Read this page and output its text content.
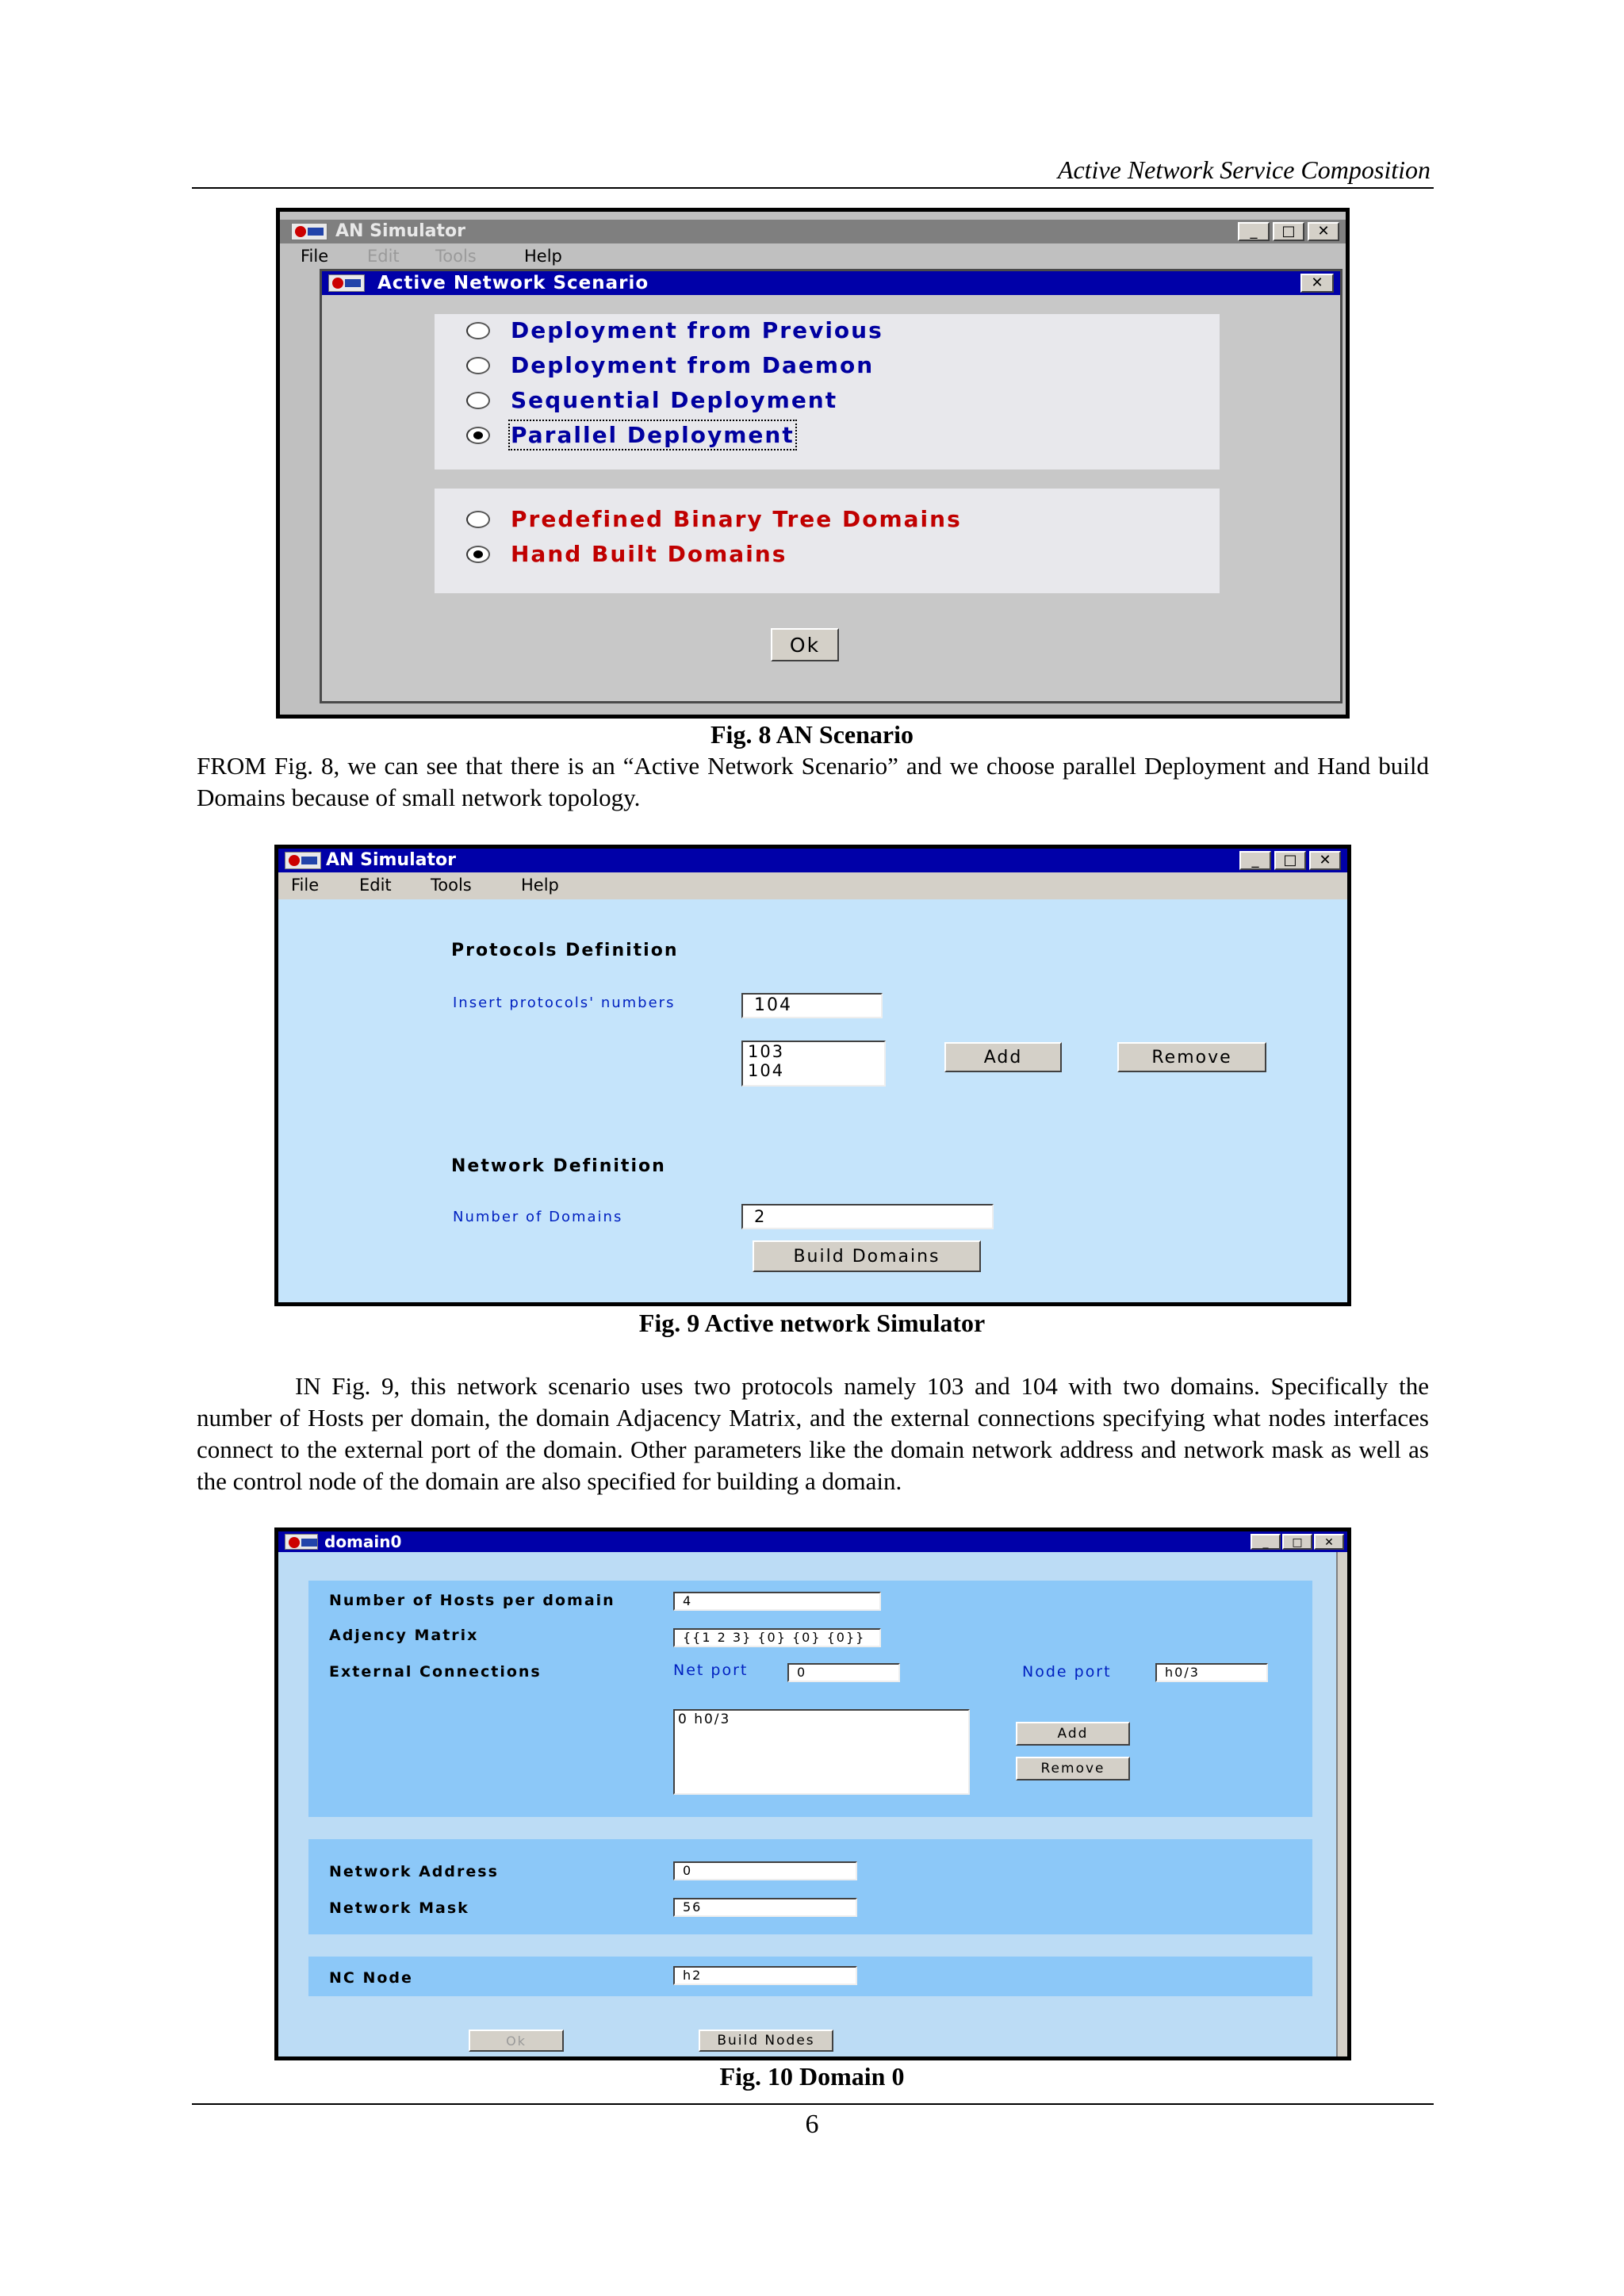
Active Network Service Composition
AN Simulator	_	□	✕
File Edit Tools	Help
Active Network Scenario	✕
Deployment from Previous
Deployment from Daemon
Sequential Deployment
Parallel Deployment
Predefined Binary Tree Domains
Hand Built Domains
Ok
Fig. 8 AN Scenario
FROM Fig. 8, we can see that there is an “Active Network Scenario” and we choose parallel Deployment and Hand build Domains because of small network topology.
AN Simulator	_	□	✕
File Edit Tools	Help
Protocols Definition
Insert protocols' numbers	104
103
104
Add	Remove
Network Definition
Number of Domains	2
Build Domains
Fig. 9 Active network Simulator
IN Fig. 9, this network scenario uses two protocols namely 103 and 104 with two domains. Specifically the number of Hosts per domain, the domain Adjacency Matrix, and the external connections specifying what nodes interfaces connect to the external port of the domain. Other parameters like the domain network address and network mask as well as the control node of the domain are also specified for building a domain.
domain0	_	□	✕
Number of Hosts per domain	4
Adjency Matrix	{{1 2 3} {0} {0} {0}}
External Connections	Net port	0	Node port	h0/3
0 h0/3
Add
Remove
Network Address	0
Network Mask	56
NC Node	h2
Ok	Build Nodes
Fig. 10 Domain 0
6
